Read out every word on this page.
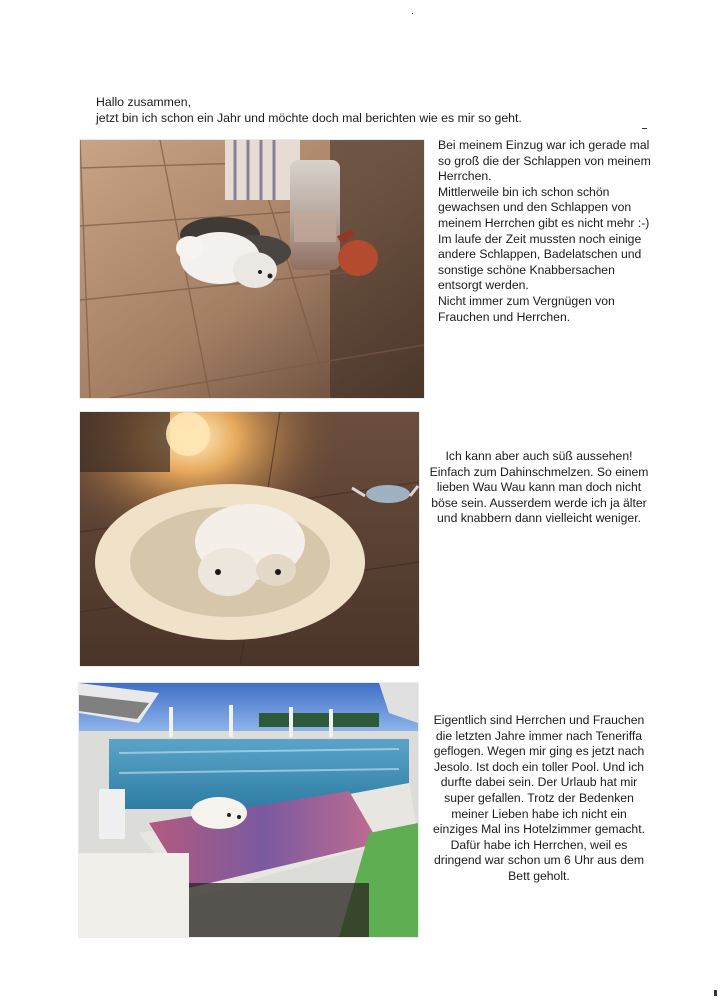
Hallo zusammen,
jetzt bin ich schon ein Jahr und möchte doch mal berichten wie es mir so geht.
Bei meinem Einzug war ich gerade mal so groß die der Schlappen von meinem Herrchen.
Mittlerweile bin ich schon schön gewachsen und den Schlappen von meinem Herrchen gibt es nicht mehr :-) Im laufe der Zeit mussten noch einige andere Schlappen, Badelatschen und sonstige schöne Knabbersachen entsorgt werden.
Nicht immer zum Vergnügen von Frauchen und Herrchen.
Ich kann aber auch süß aussehen!
Einfach zum Dahinschmelzen. So einem lieben Wau Wau kann man doch nicht böse sein. Ausserdem werde ich ja älter und knabbern dann vielleicht weniger.
Eigentlich sind Herrchen und Frauchen die letzten Jahre immer nach Teneriffa geflogen. Wegen mir ging es jetzt nach Jesolo. Ist doch ein toller Pool. Und ich durfte dabei sein. Der Urlaub hat mir super gefallen. Trotz der Bedenken meiner Lieben habe ich nicht ein einziges Mal ins Hotelzimmer gemacht. Dafür habe ich Herrchen, weil es dringend war schon um 6 Uhr aus dem Bett geholt.
